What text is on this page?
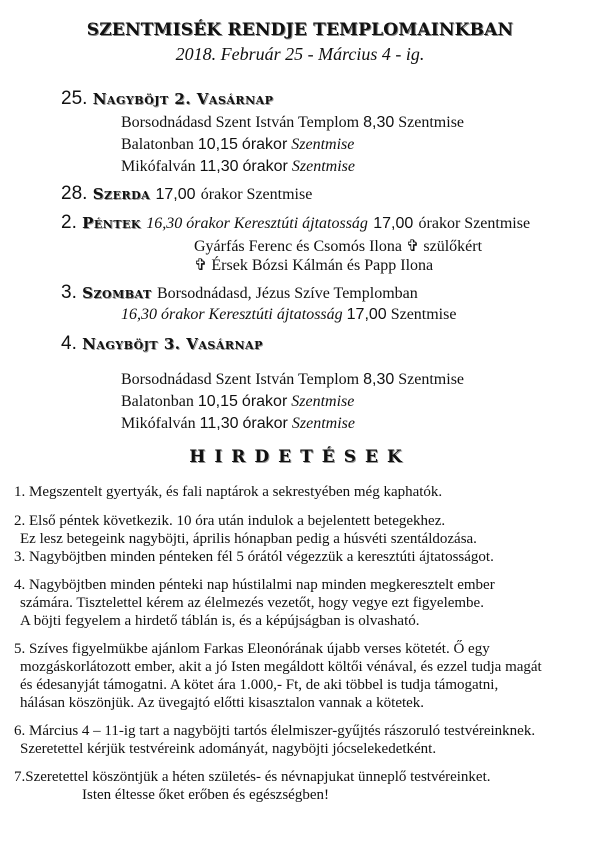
SZENTMISÉK RENDJE TEMPLOMAINKBAN
2018. Február 25 - Március 4 - ig.
25. Nagyböjt 2. Vasárnap
Borsodnádasd Szent István Templom 8,30 Szentmise
Balatonban 10,15 órakor Szentmise
Mikófalván 11,30 órakor Szentmise
28. Szerda 17,00 órakor Szentmise
2. Péntek 16,30 órakor Keresztúti ájtatosság 17,00 órakor Szentmise
Gyárfás Ferenc és Csomós Ilona ✞ szülőkért
✞ Érsek Bózsi Kálmán és Papp Ilona
3. Szombat Borsodnádasd, Jézus Szíve Templomban
16,30 órakor Keresztúti ájtatosság 17,00 Szentmise
4. Nagyböjt 3. Vasárnap
Borsodnádasd Szent István Templom 8,30 Szentmise
Balatonban 10,15 órakor Szentmise
Mikófalván 11,30 órakor Szentmise
HIRDETÉSEK
1. Megszentelt gyertyák, és fali naptárok a sekrestyében még kaphatók.
2. Első péntek következik. 10 óra után indulok a bejelentett betegekhez.
Ez lesz betegeink nagyböjti, április hónapban pedig a húsvéti szentáldozása.
3. Nagyböjtben minden pénteken fél 5 órától végezzük a keresztúti ájtatosságot.
4. Nagyböjtben minden pénteki nap hústilalmi nap minden megkeresztelt ember
számára. Tisztelettel kérem az élelmezés vezetőt, hogy vegye ezt figyelembe.
A böjti fegyelem a hirdető táblán is, és a képújságban is olvasható.
5. Szíves figyelmükbe ajánlom Farkas Eleonórának újabb verses kötetét. Ő egy
mozgáskorlátozott ember, akit a jó Isten megáldott költői vénával, és ezzel tudja magát
és édesanyját támogatni. A kötet ára 1.000,- Ft, de aki többel is tudja támogatni,
hálásan köszönjük. Az üvegajtó előtti kisasztalon vannak a kötetek.
6. Március 4 – 11-ig tart a nagyböjti tartós élelmiszer-gyűjtés rászoruló testvéreinknek.
Szeretettel kérjük testvéreink adományát, nagyböjti jócselekedetként.
7.Szeretettel köszöntjük a héten születés- és névnapjukat ünneplő testvéreinket.
Isten éltesse őket erőben és egészségben!
